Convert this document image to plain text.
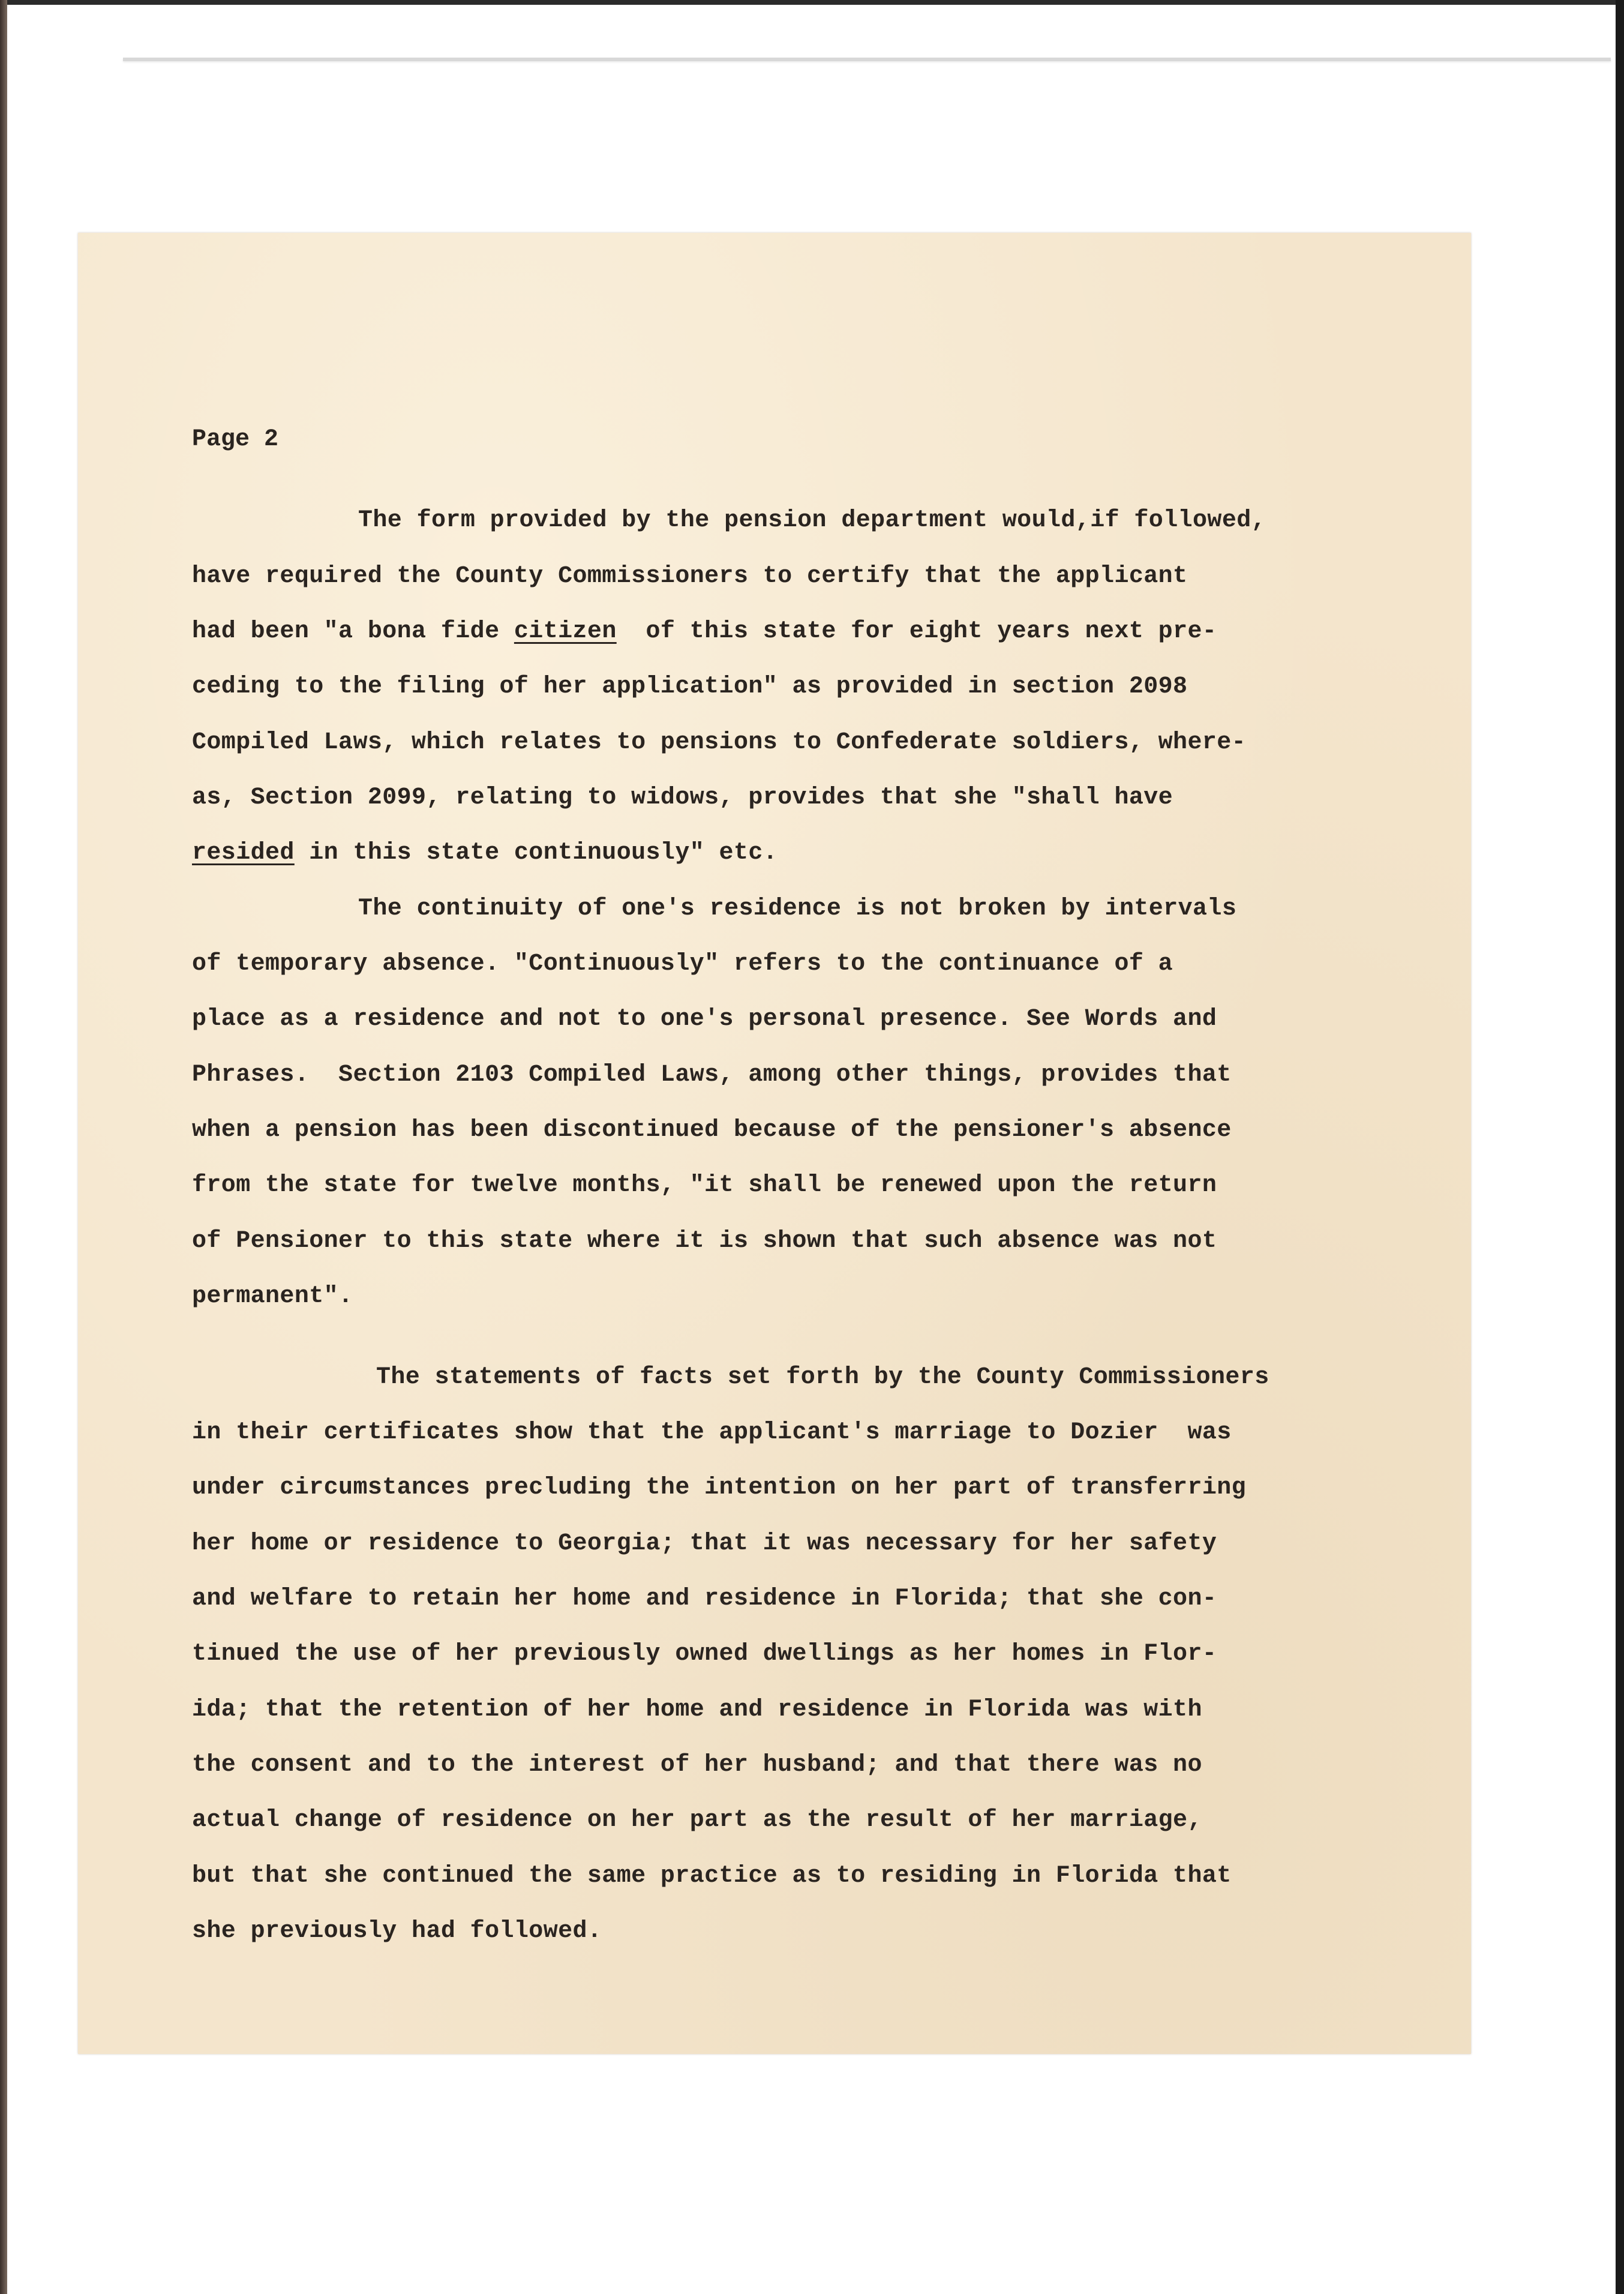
Page 2
The form provided by the pension department would,if followed,
have required the County Commissioners to certify that the applicant
had been "a bona fide citizen  of this state for eight years next pre-
ceding to the filing of her application" as provided in section 2098
Compiled Laws, which relates to pensions to Confederate soldiers, where-
as, Section 2099, relating to widows, provides that she "shall have
resided in this state continuously" etc.
The continuity of one's residence is not broken by intervals
of temporary absence. "Continuously" refers to the continuance of a
place as a residence and not to one's personal presence. See Words and
Phrases.  Section 2103 Compiled Laws, among other things, provides that
when a pension has been discontinued because of the pensioner's absence
from the state for twelve months, "it shall be renewed upon the return
of Pensioner to this state where it is shown that such absence was not
permanent".
The statements of facts set forth by the County Commissioners
in their certificates show that the applicant's marriage to Dozier  was
under circumstances precluding the intention on her part of transferring
her home or residence to Georgia; that it was necessary for her safety
and welfare to retain her home and residence in Florida; that she con-
tinued the use of her previously owned dwellings as her homes in Flor-
ida; that the retention of her home and residence in Florida was with
the consent and to the interest of her husband; and that there was no
actual change of residence on her part as the result of her marriage,
but that she continued the same practice as to residing in Florida that
she previously had followed.
